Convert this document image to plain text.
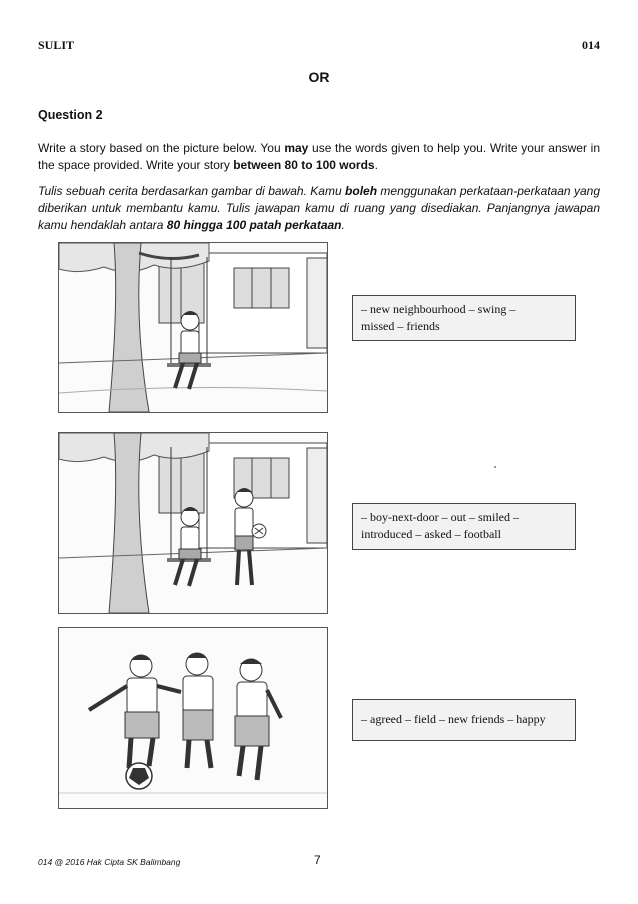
SULIT	014
OR
Question 2
Write a story based on the picture below. You may use the words given to help you. Write your answer in the space provided. Write your story between 80 to 100 words.
Tulis sebuah cerita berdasarkan gambar di bawah. Kamu boleh menggunakan perkataan-perkataan yang diberikan untuk membantu kamu. Tulis jawapan kamu di ruang yang disediakan. Panjangnya jawapan kamu hendaklah antara 80 hingga 100 patah perkataan.
– new neighbourhood – swing –
missed – friends
– boy-next-door – out – smiled –
introduced – asked – football
– agreed – field – new friends – happy
014 @ 2016 Hak Cipta SK Balimbang	7
